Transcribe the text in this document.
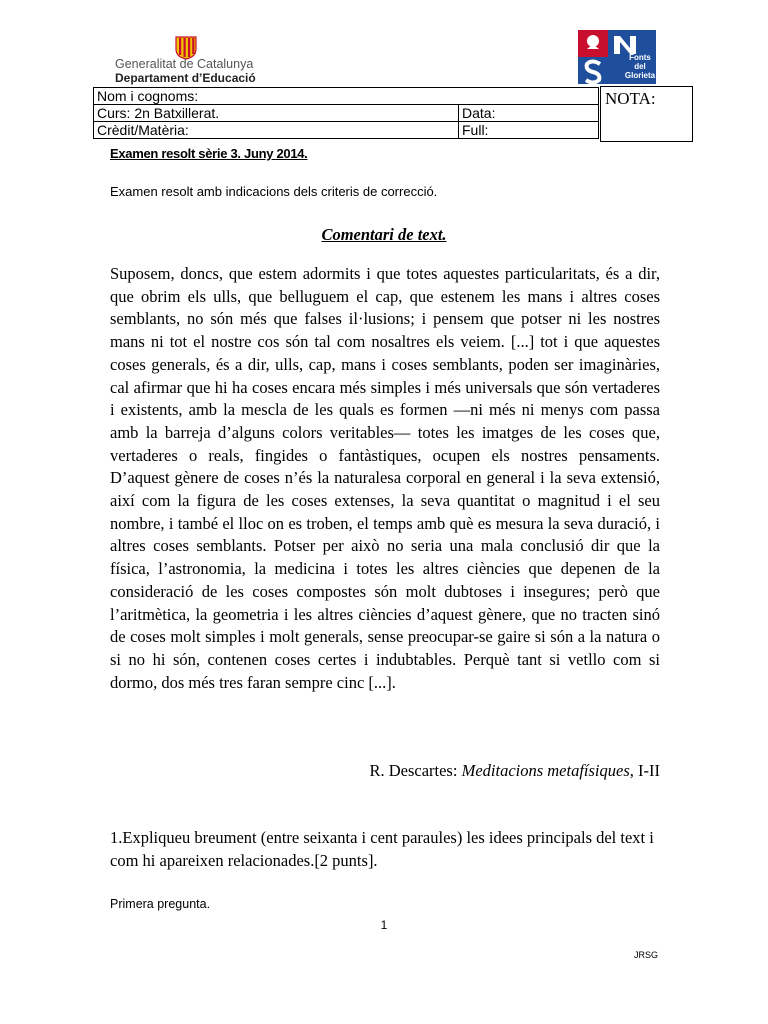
Generalitat de Catalunya
Departament d’Educació
Fonts
del
Glorieta
Nom i cognoms:	
Curs: 2n Batxillerat.	Data:
Crèdit/Matèria:	Full:
NOTA:
Examen resolt sèrie 3. Juny 2014.
Examen resolt amb indicacions dels criteris de correcció.
Comentari de text.

Suposem, doncs, que estem adormits i que totes aquestes particularitats, és a dir, que obrim els ulls, que belluguem el cap, que estenem les mans i altres coses semblants, no són més que falses il·lusions; i pensem que potser ni les nostres mans ni tot el nostre cos són tal com nosaltres els veiem. [...] tot i que aquestes coses generals, és a dir, ulls, cap, mans i coses semblants, poden ser imaginàries, cal afirmar que hi ha coses encara més simples i més universals que són vertaderes i existents, amb la mescla de les quals es formen —ni més ni menys com passa amb la barreja d’alguns colors veritables— totes les imatges de les coses que, vertaderes o reals, fingides o fantàstiques, ocupen els nostres pensaments. D’aquest gènere de coses n’és la naturalesa corporal en general i la seva extensió, així com la figura de les coses extenses, la seva quantitat o magnitud i el seu nombre, i també el lloc on es troben, el temps amb què es mesura la seva duració, i altres coses semblants. Potser per això no seria una mala conclusió dir que la física, l’astronomia, la medicina i totes les altres ciències que depenen de la consideració de les coses compostes són molt dubtoses i insegures; però que l’aritmètica, la geometria i les altres ciències d’aquest gènere, que no tracten sinó de coses molt simples i molt generals, sense preocupar-se gaire si són a la natura o si no hi són, contenen coses certes i indubtables. Perquè tant si vetllo com si dormo, dos més tres faran sempre cinc [...].

R. Descartes: Meditacions metafísiques, I-II
1.Expliqueu breument (entre seixanta i cent paraules) les idees principals del text i com hi apareixen relacionades.[2 punts].
Primera pregunta.
1
JRSG
